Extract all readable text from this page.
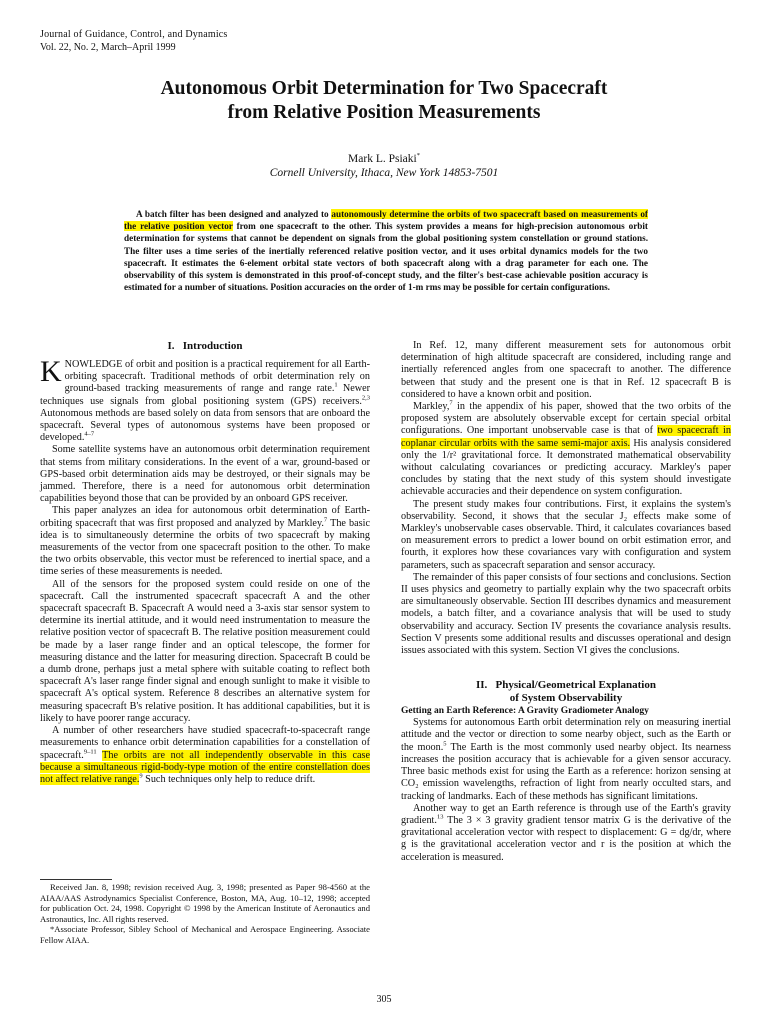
Journal of Guidance, Control, and Dynamics
Vol. 22, No. 2, March–April 1999
Autonomous Orbit Determination for Two Spacecraft
from Relative Position Measurements
Mark L. Psiaki*
Cornell University, Ithaca, New York 14853-7501
A batch filter has been designed and analyzed to autonomously determine the orbits of two spacecraft based on measurements of the relative position vector from one spacecraft to the other. This system provides a means for high-precision autonomous orbit determination for systems that cannot be dependent on signals from the global positioning system constellation or ground stations. The filter uses a time series of the inertially referenced relative position vector, and it uses orbital dynamics models for the two spacecraft. It estimates the 6-element orbital state vectors of both spacecraft along with a drag parameter for each one. The observability of this system is demonstrated in this proof-of-concept study, and the filter's best-case achievable position accuracy is estimated for a number of situations. Position accuracies on the order of 1-m rms may be possible for certain configurations.
I.   Introduction

KNOWLEDGE of orbit and position is a practical requirement for all Earth-orbiting spacecraft. Traditional methods of orbit determination rely on ground-based tracking measurements of range and range rate.$^1$ Newer techniques use signals from global positioning system (GPS) receivers.$^{2,3}$ Autonomous methods are based solely on data from sensors that are onboard the spacecraft. Several types of autonomous systems have been proposed or developed.$^{4-7}$

Some satellite systems have an autonomous orbit determination requirement that stems from military considerations. In the event of a war, ground-based or GPS-based orbit determination aids may be destroyed, or their signals may be jammed. Therefore, there is a need for autonomous orbit determination capabilities beyond those that can be provided by an onboard GPS receiver.

This paper analyzes an idea for autonomous orbit determination of Earth-orbiting spacecraft that was first proposed and analyzed by Markley.$^7$ The basic idea is to simultaneously determine the orbits of two spacecraft by making measurements of the vector from one spacecraft position to the other. To make the two orbits observable, this vector must be referenced to inertial space, and a time series of these measurements is needed.

All of the sensors for the proposed system could reside on one of the spacecraft. Call the instrumented spacecraft spacecraft A and the other spacecraft spacecraft B. Spacecraft A would need a 3-axis star sensor system to determine its inertial attitude, and it would need instrumentation to measure the relative position vector of spacecraft B. The relative position measurement could be made by a laser range finder and an optical telescope, the former for measuring distance and the latter for measuring direction. Spacecraft B could be a dumb drone, perhaps just a metal sphere with suitable coating to reflect both spacecraft A's laser range finder signal and enough sunlight to make it visible to spacecraft A's optical system. Reference 8 describes an alternative system for measuring spacecraft B's relative position. It has additional capabilities, but it is likely to have poorer range accuracy.

A number of other researchers have studied spacecraft-to-spacecraft range measurements to enhance orbit determination capabilities for a constellation of spacecraft.$^{9-11}$ The orbits are not all independently observable in this case because a simultaneous rigid-body-type motion of the entire constellation does not affect relative range.$^9$ Such techniques only help to reduce drift.

Received Jan. 8, 1998; revision received Aug. 3, 1998; presented as Paper 98-4560 at the AIAA/AAS Astrodynamics Specialist Conference, Boston, MA, Aug. 10–12, 1998; accepted for publication Oct. 24, 1998. Copyright © 1998 by the American Institute of Aeronautics and Astronautics, Inc. All rights reserved.

*Associate Professor, Sibley School of Mechanical and Aerospace Engineering. Associate Fellow AIAA.

In Ref. 12, many different measurement sets for autonomous orbit determination of high altitude spacecraft are considered, including range and inertially referenced angles from one spacecraft to another. The difference between that study and the present one is that in Ref. 12 spacecraft B is considered to have a known orbit and position.

Markley,$^7$ in the appendix of his paper, showed that the two orbits of the proposed system are absolutely observable except for certain special orbital configurations. One important unobservable case is that of two spacecraft in coplanar circular orbits with the same semi-major axis. His analysis considered only the 1/r² gravitational force. It demonstrated mathematical observability without calculating covariances or predicting accuracy. Markley's paper concludes by stating that the next study of this system should investigate achievable accuracies and their dependence on system configuration.

The present study makes four contributions. First, it explains the system's observability. Second, it shows that the secular J₂ effects make some of Markley's unobservable cases observable. Third, it calculates covariances based on measurement errors to predict a lower bound on orbit estimation error, and fourth, it explores how these covariances vary with configuration and system parameters, such as spacecraft separation and sensor accuracy.

The remainder of this paper consists of four sections and conclusions. Section II uses physics and geometry to partially explain why the two spacecraft orbits are simultaneously observable. Section III describes dynamics and measurement models, a batch filter, and a covariance analysis that will be used to study observability and accuracy. Section IV presents the covariance analysis results. Section V presents some additional results and discusses operational and design issues associated with this system. Section VI gives the conclusions.

II.   Physical/Geometrical Explanation
of System Observability
Getting an Earth Reference: A Gravity Gradiometer Analogy

Systems for autonomous Earth orbit determination rely on measuring inertial attitude and the vector or direction to some nearby object, such as the Earth or the moon.$^5$ The Earth is the most commonly used nearby object. Its nearness increases the position accuracy that is achievable for a given sensor accuracy. Three basic methods exist for using the Earth as a reference: horizon sensing at CO₂ emission wavelengths, refraction of light from nearly occulted stars, and tracking of landmarks. Each of these methods has significant limitations.

Another way to get an Earth reference is through use of the Earth's gravity gradient.$^{13}$ The 3 × 3 gravity gradient tensor matrix G is the derivative of the gravitational acceleration vector with respect to displacement: G = dg/dr, where g is the gravitational acceleration vector and r is the position at which the acceleration is measured.

305
